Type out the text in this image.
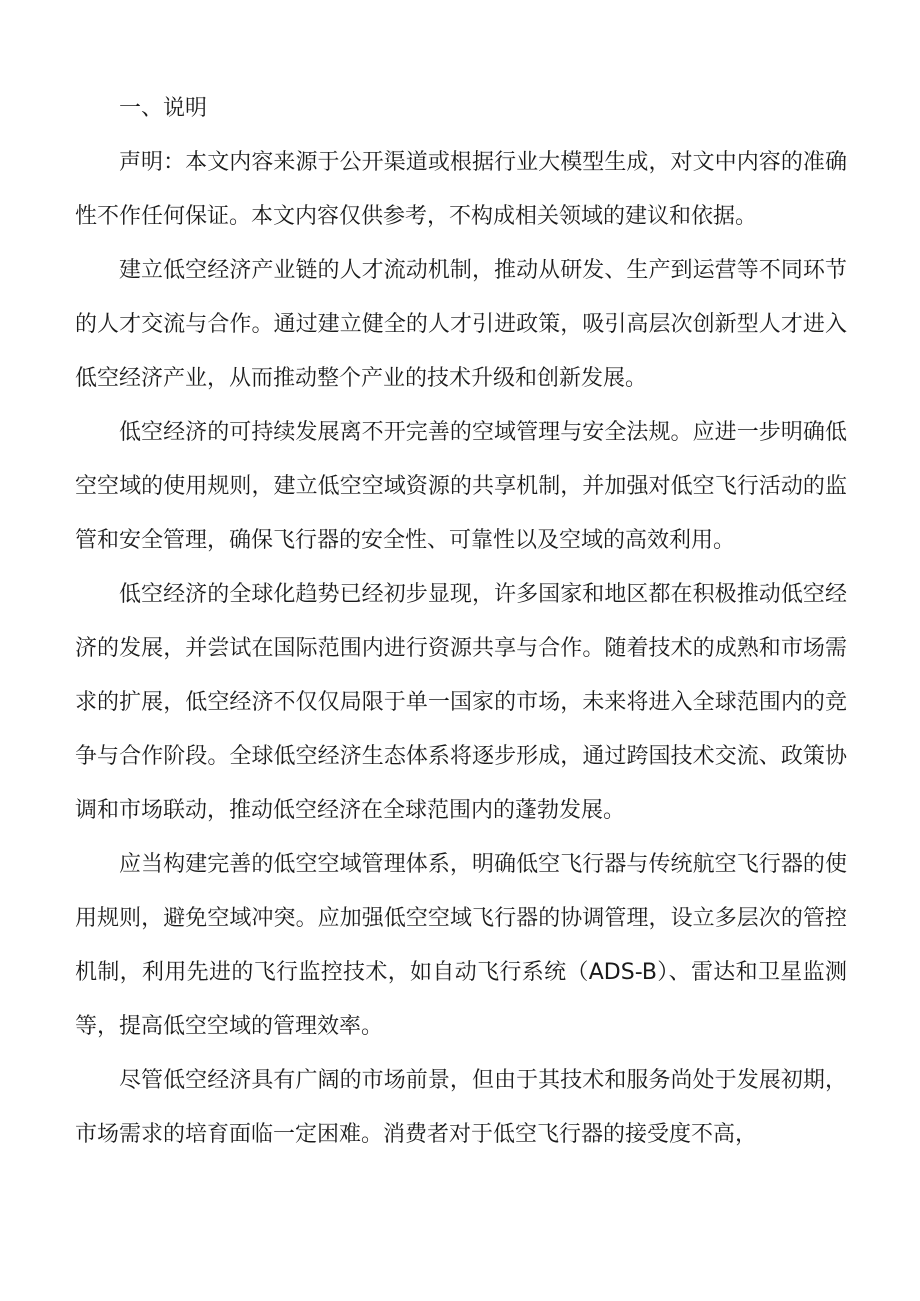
一、说明

声明：本文内容来源于公开渠道或根据行业大模型生成，对文中内容的准确性不作任何保证。本文内容仅供参考，不构成相关领域的建议和依据。

建立低空经济产业链的人才流动机制，推动从研发、生产到运营等不同环节的人才交流与合作。通过建立健全的人才引进政策，吸引高层次创新型人才进入低空经济产业，从而推动整个产业的技术升级和创新发展。

低空经济的可持续发展离不开完善的空域管理与安全法规。应进一步明确低空空域的使用规则，建立低空空域资源的共享机制，并加强对低空飞行活动的监管和安全管理，确保飞行器的安全性、可靠性以及空域的高效利用。

低空经济的全球化趋势已经初步显现，许多国家和地区都在积极推动低空经济的发展，并尝试在国际范围内进行资源共享与合作。随着技术的成熟和市场需求的扩展，低空经济不仅仅局限于单一国家的市场，未来将进入全球范围内的竞争与合作阶段。全球低空经济生态体系将逐步形成，通过跨国技术交流、政策协调和市场联动，推动低空经济在全球范围内的蓬勃发展。

应当构建完善的低空空域管理体系，明确低空飞行器与传统航空飞行器的使用规则，避免空域冲突。应加强低空空域飞行器的协调管理，设立多层次的管控机制，利用先进的飞行监控技术，如自动飞行系统（ADS-B）、雷达和卫星监测等，提高低空空域的管理效率。

尽管低空经济具有广阔的市场前景，但由于其技术和服务尚处于发展初期，市场需求的培育面临一定困难。消费者对于低空飞行器的接受度不高，
